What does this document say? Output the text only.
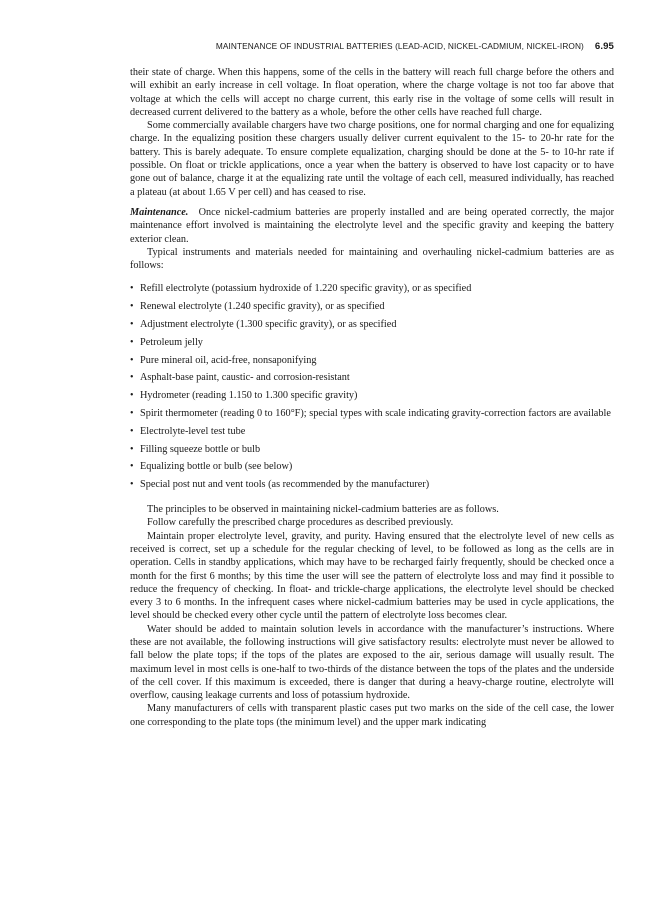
MAINTENANCE OF INDUSTRIAL BATTERIES (LEAD-ACID, NICKEL-CADMIUM, NICKEL-IRON) 6.95

their state of charge. When this happens, some of the cells in the battery will reach full charge before the others and will exhibit an early increase in cell voltage. In float operation, where the charge voltage is not too far above that voltage at which the cells will accept no charge current, this early rise in the voltage of some cells will result in decreased current delivered to the battery as a whole, before the other cells have reached full charge.

Some commercially available chargers have two charge positions, one for normal charging and one for equalizing charge. In the equalizing position these chargers usually deliver current equivalent to the 15- to 20-hr rate for the battery. This is barely adequate. To ensure complete equalization, charging should be done at the 5- to 10-hr rate if possible. On float or trickle applications, once a year when the battery is observed to have lost capacity or to have gone out of balance, charge it at the equalizing rate until the voltage of each cell, measured individually, has reached a plateau (at about 1.65 V per cell) and has ceased to rise.

Maintenance.  Once nickel-cadmium batteries are properly installed and are being operated correctly, the major maintenance effort involved is maintaining the electrolyte level and the specific gravity and keeping the battery exterior clean.

Typical instruments and materials needed for maintaining and overhauling nickel-cadmium batteries are as follows:

• Refill electrolyte (potassium hydroxide of 1.220 specific gravity), or as specified
• Renewal electrolyte (1.240 specific gravity), or as specified
• Adjustment electrolyte (1.300 specific gravity), or as specified
• Petroleum jelly
• Pure mineral oil, acid-free, nonsaponifying
• Asphalt-base paint, caustic- and corrosion-resistant
• Hydrometer (reading 1.150 to 1.300 specific gravity)
• Spirit thermometer (reading 0 to 160°F); special types with scale indicating gravity-correction factors are available
• Electrolyte-level test tube
• Filling squeeze bottle or bulb
• Equalizing bottle or bulb (see below)
• Special post nut and vent tools (as recommended by the manufacturer)

The principles to be observed in maintaining nickel-cadmium batteries are as follows.

Follow carefully the prescribed charge procedures as described previously.

Maintain proper electrolyte level, gravity, and purity. Having ensured that the electrolyte level of new cells as received is correct, set up a schedule for the regular checking of level, to be followed as long as the cells are in operation. Cells in standby applications, which may have to be recharged fairly frequently, should be checked once a month for the first 6 months; by this time the user will see the pattern of electrolyte loss and may find it possible to reduce the frequency of checking. In float- and trickle-charge applications, the electrolyte level should be checked every 3 to 6 months. In the infrequent cases where nickel-cadmium batteries may be used in cycle applications, the level should be checked every other cycle until the pattern of electrolyte loss becomes clear.

Water should be added to maintain solution levels in accordance with the manufacturer’s instructions. Where these are not available, the following instructions will give satisfactory results: electrolyte must never be allowed to fall below the plate tops; if the tops of the plates are exposed to the air, serious damage will usually result. The maximum level in most cells is one-half to two-thirds of the distance between the tops of the plates and the underside of the cell cover. If this maximum is exceeded, there is danger that during a heavy-charge routine, electrolyte will overflow, causing leakage currents and loss of potassium hydroxide.

Many manufacturers of cells with transparent plastic cases put two marks on the side of the cell case, the lower one corresponding to the plate tops (the minimum level) and the upper mark indicating
